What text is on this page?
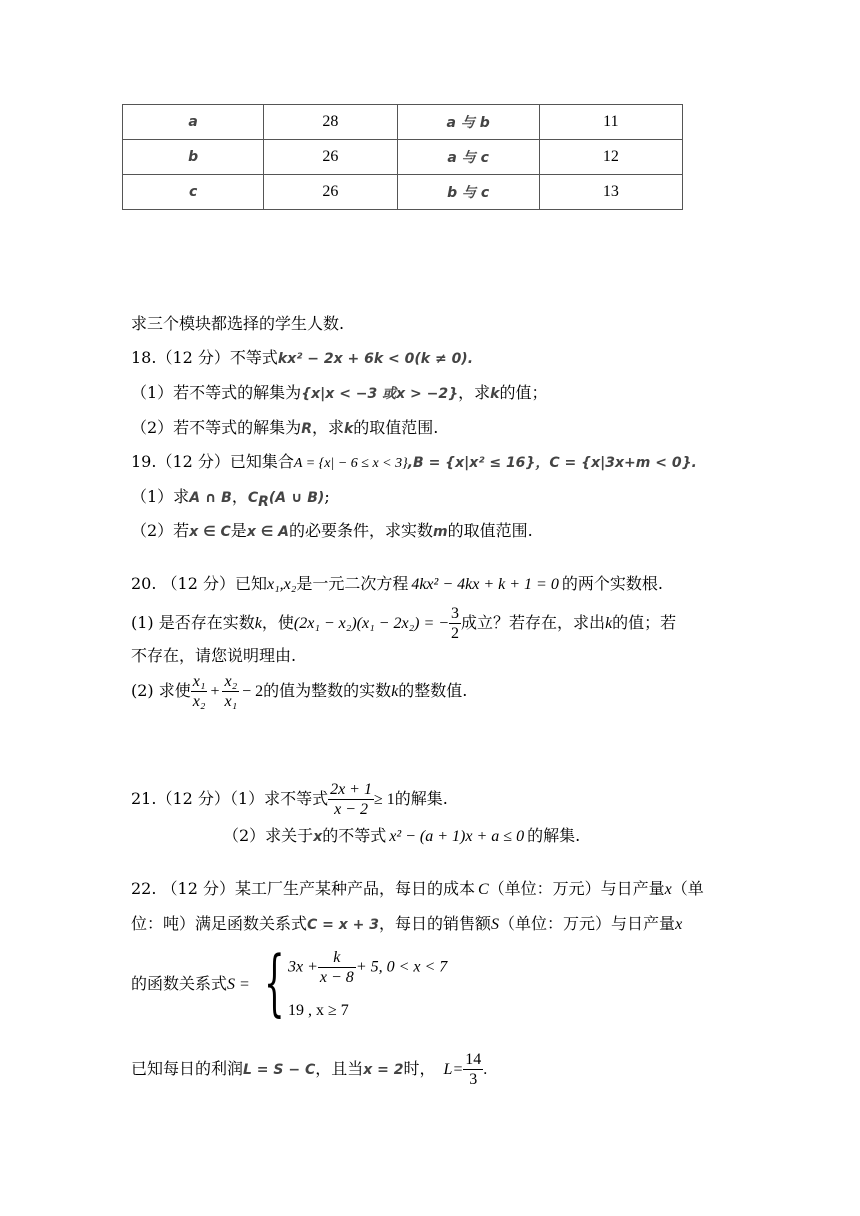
a	28	a 与 b	11
b	26	a 与 c	12
c	26	b 与 c	13
求三个模块都选择的学生人数.
18.（12 分）不等式kx² − 2x + 6k < 0(k ≠ 0).
（1）若不等式的解集为{x|x < −3 或x > −2}，求k的值；
（2）若不等式的解集为R，求k的取值范围.
19.（12 分）已知集合A = {x| − 6 ≤ x < 3},B = {x|x² ≤ 16}，C = {x|3x+m < 0}.
（1）求A ∩ B，$C_R(A$ ∪ B);
（2）若x ∈ C是x ∈ A的必要条件，求实数m的取值范围.
20. （12 分）已知x₁,x₂是一元二次方程 4kx² − 4kx + k + 1 = 0 的两个实数根.
(1) 是否存在实数k，使(2x₁ − x₂)(x₁ − 2x₂) = − $\frac{3}{2}$ 成立？若存在，求出k的值；若
不存在，请您说明理由.
(2) 求使 $\frac{\text{x₁}}{\text{x₂}} + \frac{\text{x₂}}{\text{x₁}} - 2$的值为整数的实数k的整数值.
21.（12 分）（1）求不等式 $\frac{2x + 1}{x - 2} \ge 1$的解集.
（2）求关于x的不等式 x² − (a + 1)x + a ≤ 0 的解集.
22. （12 分）某工厂生产某种产品，每日的成本 C（单位：万元）与日产量x（单
位：吨）满足函数关系式C = x + 3，每日的销售额S（单位：万元）与日产量x
的函数关系式S = { $3x + \frac{k}{x - 8} + 5$, 0 < x < 7
19 , x ≥ 7
已知每日的利润L = S − C，且当x = 2时， $L= \frac{14}{3}$ .
